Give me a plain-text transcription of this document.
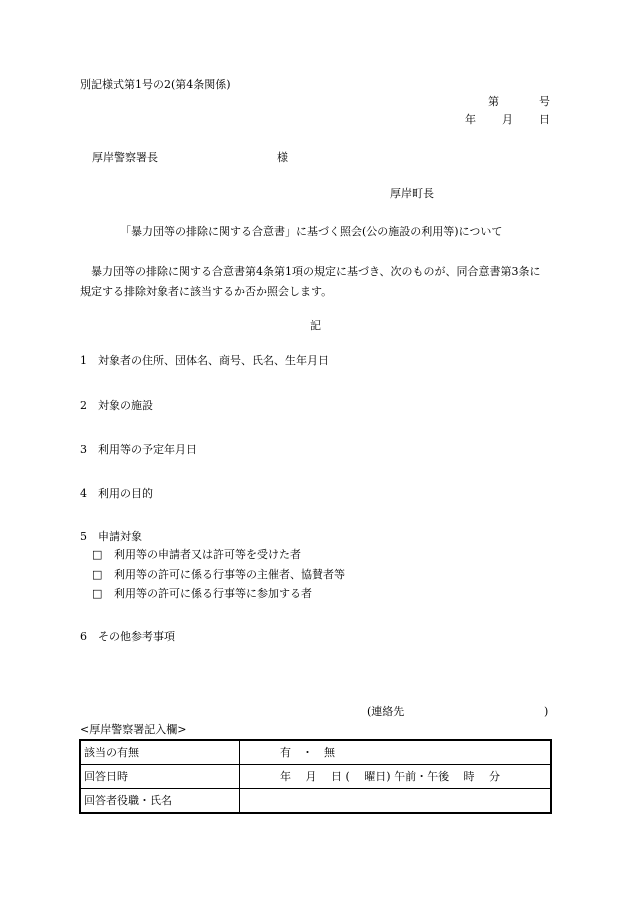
別記様式第1号の2(第4条関係)
第	号
年 月 日
厚岸警察署長	様
厚岸町長
「暴力団等の排除に関する合意書」に基づく照会(公の施設の利用等)について
暴力団等の排除に関する合意書第4条第1項の規定に基づき、次のものが、同合意書第3条に規定する排除対象者に該当するか否か照会します。
記
1 対象者の住所、団体名、商号、氏名、生年月日
2 対象の施設
3 利用等の予定年月日
4 利用の目的
5 申請対象
□ 利用等の申請者又は許可等を受けた者
□ 利用等の許可に係る行事等の主催者、協賛者等
□ 利用等の許可に係る行事等に参加する者
6 その他参考事項
(連絡先	)
<厚岸警察署記入欄>
該当の有無	有　・　無
回答日時	年　 月　 日 (　 曜日) 午前・午後　 時　 分
回答者役職・氏名	
